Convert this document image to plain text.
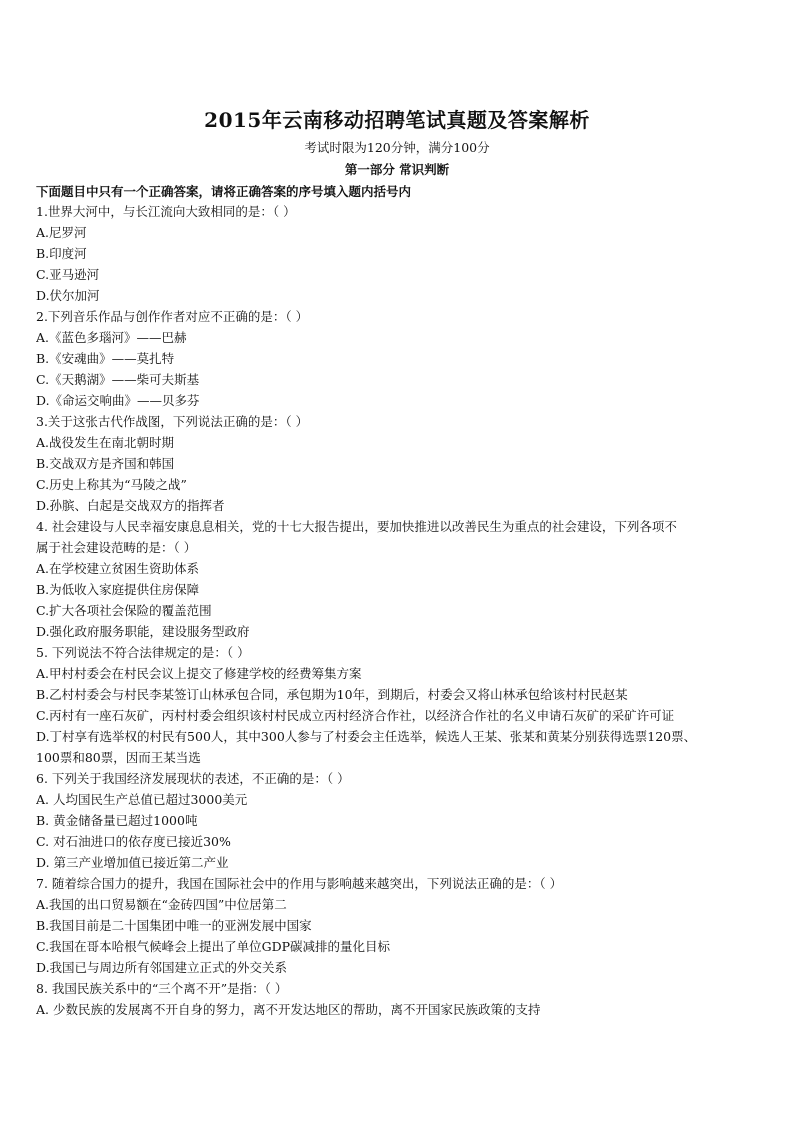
2015年云南移动招聘笔试真题及答案解析
考试时限为120分钟，满分100分
第一部分 常识判断
下面题目中只有一个正确答案，请将正确答案的序号填入题内括号内
1.世界大河中，与长江流向大致相同的是：（ ）
A.尼罗河
B.印度河
C.亚马逊河
D.伏尔加河
2.下列音乐作品与创作作者对应不正确的是：（ ）
A.《蓝色多瑙河》——巴赫
B.《安魂曲》——莫扎特
C.《天鹅湖》——柴可夫斯基
D.《命运交响曲》——贝多芬
3.关于这张古代作战图，下列说法正确的是：（ ）
A.战役发生在南北朝时期
B.交战双方是齐国和韩国
C.历史上称其为“马陵之战”
D.孙膑、白起是交战双方的指挥者
4. 社会建设与人民幸福安康息息相关，党的十七大报告提出，要加快推进以改善民生为重点的社会建设，下列各项不
属于社会建设范畴的是：（ ）
A.在学校建立贫困生资助体系
B.为低收入家庭提供住房保障
C.扩大各项社会保险的覆盖范围
D.强化政府服务职能，建设服务型政府
5. 下列说法不符合法律规定的是：（ ）
A.甲村村委会在村民会议上提交了修建学校的经费筹集方案
B.乙村村委会与村民李某签订山林承包合同，承包期为10年，到期后，村委会又将山林承包给该村村民赵某
C.丙村有一座石灰矿，丙村村委会组织该村村民成立丙村经济合作社，以经济合作社的名义申请石灰矿的采矿许可证
D.丁村享有选举权的村民有500人，其中300人参与了村委会主任选举，候选人王某、张某和黄某分别获得选票120票、
100票和80票，因而王某当选
6. 下列关于我国经济发展现状的表述，不正确的是：（ ）
A. 人均国民生产总值已超过3000美元
B. 黄金储备量已超过1000吨
C. 对石油进口的依存度已接近30%
D. 第三产业增加值已接近第二产业
7. 随着综合国力的提升，我国在国际社会中的作用与影响越来越突出，下列说法正确的是：（ ）
A.我国的出口贸易额在“金砖四国”中位居第二
B.我国目前是二十国集团中唯一的亚洲发展中国家
C.我国在哥本哈根气候峰会上提出了单位GDP碳减排的量化目标
D.我国已与周边所有邻国建立正式的外交关系
8. 我国民族关系中的“三个离不开”是指：（ ）
A. 少数民族的发展离不开自身的努力，离不开发达地区的帮助，离不开国家民族政策的支持
